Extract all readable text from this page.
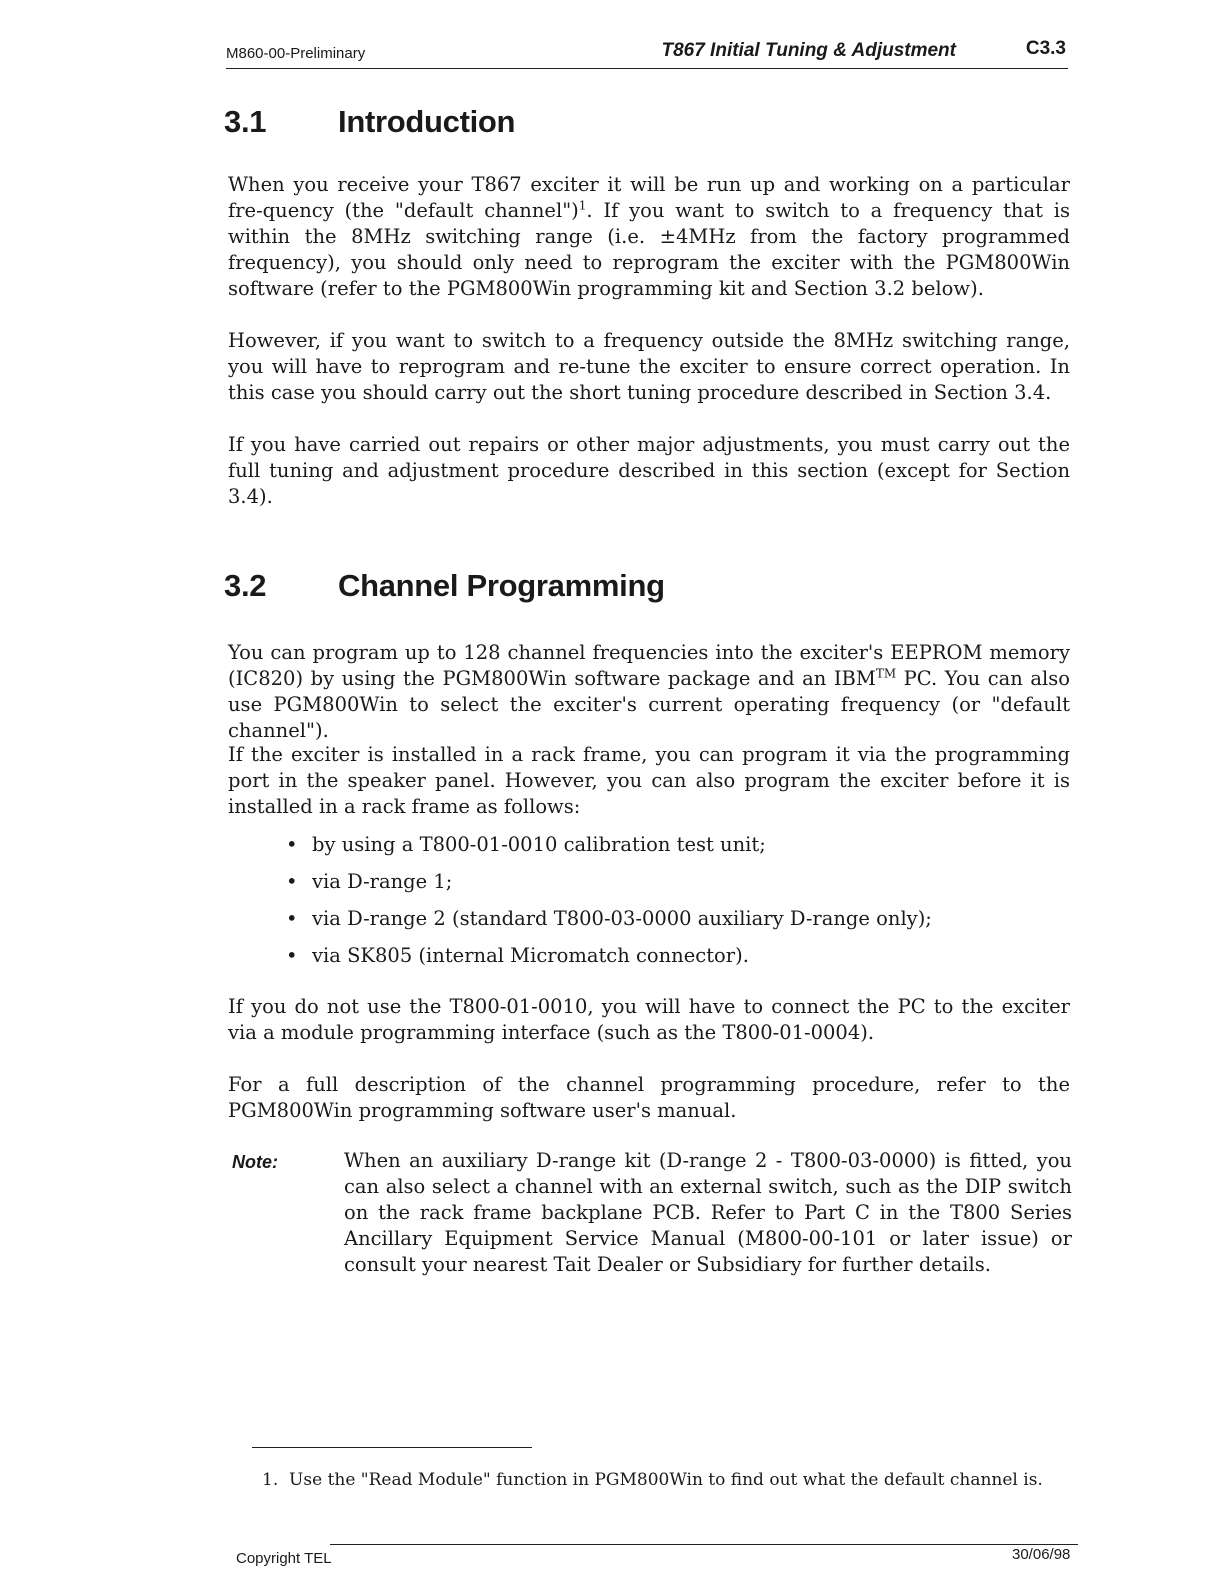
M860-00-Preliminary	T867 Initial Tuning & Adjustment	C3.3
3.1 Introduction

When you receive your T867 exciter it will be run up and working on a particular fre-quency (the "default channel")$^1$. If you want to switch to a frequency that is within the 8MHz switching range (i.e. ±4MHz from the factory programmed frequency), you should only need to reprogram the exciter with the PGM800Win software (refer to the PGM800Win programming kit and Section 3.2 below).

However, if you want to switch to a frequency outside the 8MHz switching range, you will have to reprogram and re-tune the exciter to ensure correct operation. In this case you should carry out the short tuning procedure described in Section 3.4.

If you have carried out repairs or other major adjustments, you must carry out the full tuning and adjustment procedure described in this section (except for Section 3.4).

3.2 Channel Programming

You can program up to 128 channel frequencies into the exciter's EEPROM memory (IC820) by using the PGM800Win software package and an IBM™ PC. You can also use PGM800Win to select the exciter's current operating frequency (or "default channel").

If the exciter is installed in a rack frame, you can program it via the programming port in the speaker panel. However, you can also program the exciter before it is installed in a rack frame as follows:

• by using a T800-01-0010 calibration test unit;
• via D-range 1;
• via D-range 2 (standard T800-03-0000 auxiliary D-range only);
• via SK805 (internal Micromatch connector).

If you do not use the T800-01-0010, you will have to connect the PC to the exciter via a module programming interface (such as the T800-01-0004).

For a full description of the channel programming procedure, refer to the PGM800Win programming software user's manual.

Note:	When an auxiliary D-range kit (D-range 2 - T800-03-0000) is fitted, you can also select a channel with an external switch, such as the DIP switch on the rack frame backplane PCB. Refer to Part C in the T800 Series Ancillary Equipment Service Manual (M800-00-101 or later issue) or consult your nearest Tait Dealer or Subsidiary for further details.
1. Use the "Read Module" function in PGM800Win to find out what the default channel is.
Copyright TEL	30/06/98
